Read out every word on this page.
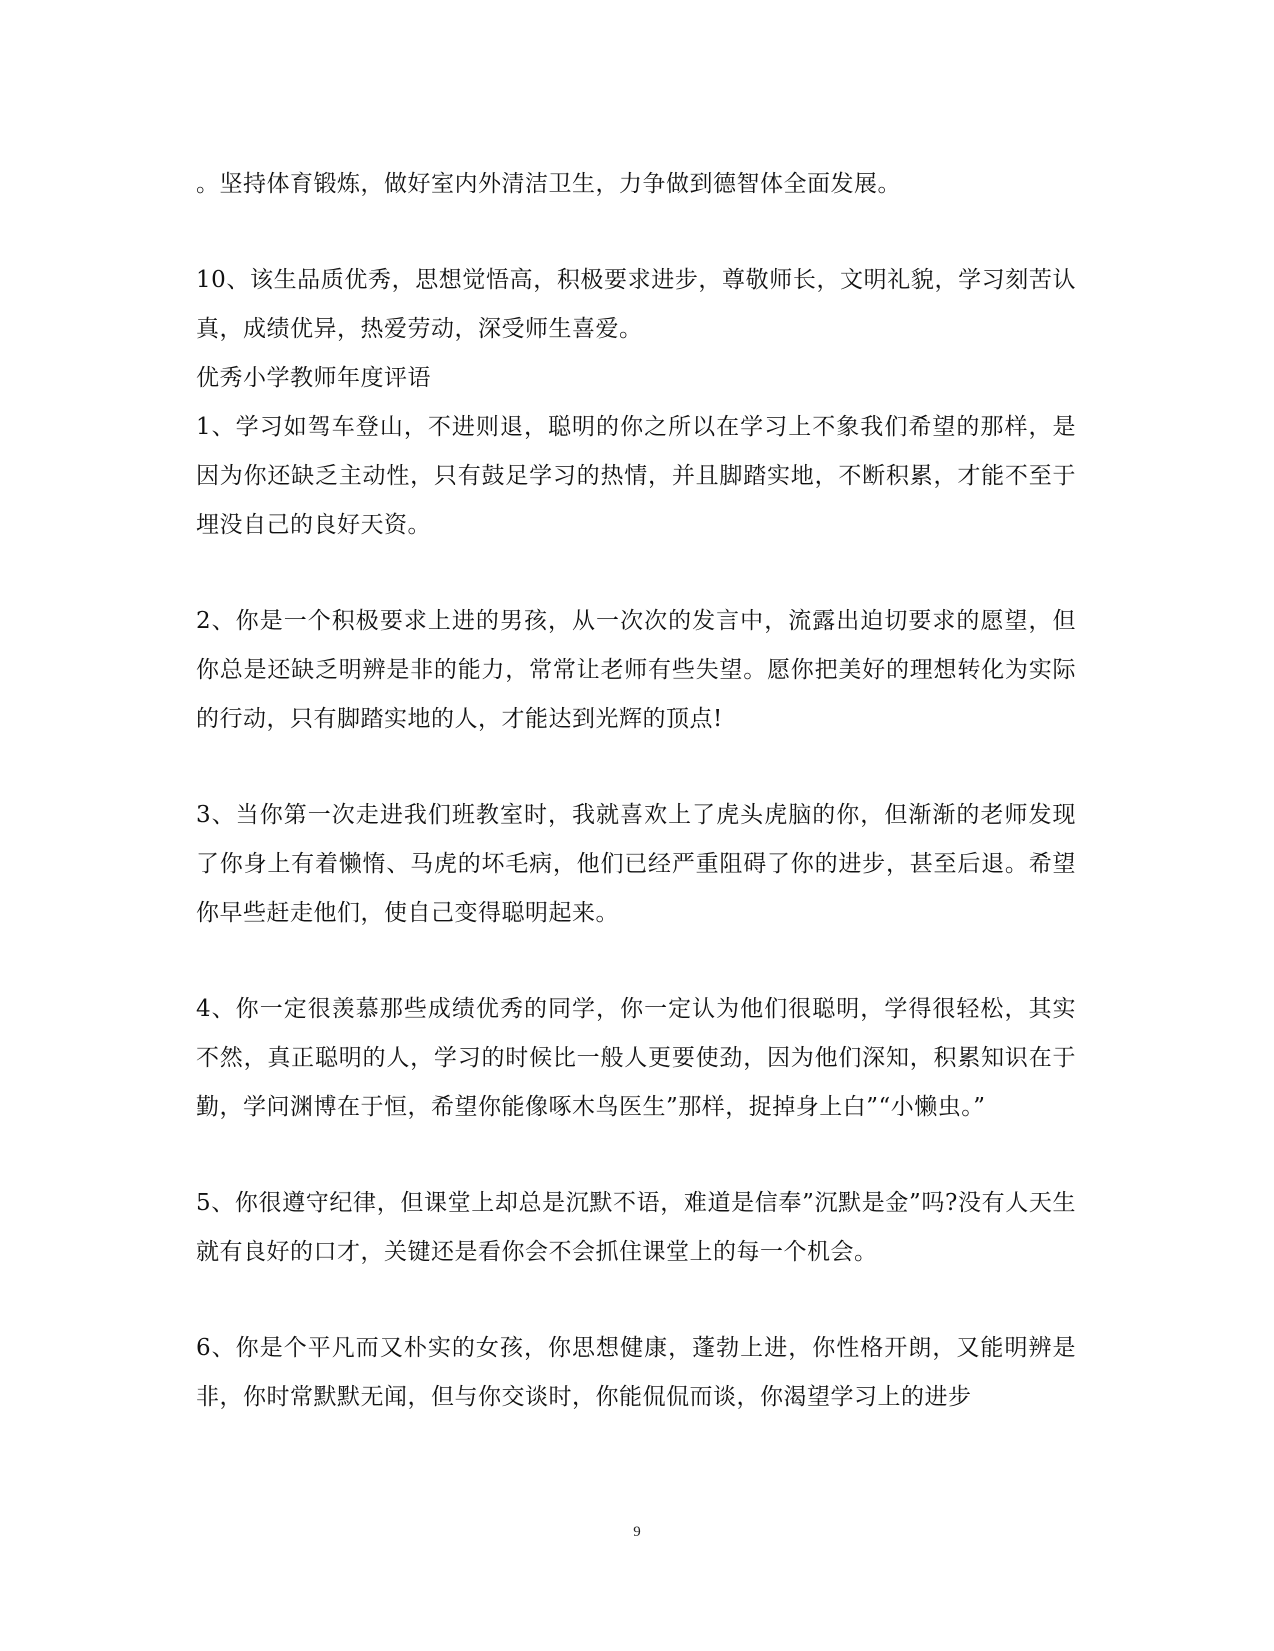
。坚持体育锻炼，做好室内外清洁卫生，力争做到德智体全面发展。

10、该生品质优秀，思想觉悟高，积极要求进步，尊敬师长，文明礼貌，学习刻苦认真，成绩优异，热爱劳动，深受师生喜爱。

优秀小学教师年度评语

1、学习如驾车登山，不进则退，聪明的你之所以在学习上不象我们希望的那样，是因为你还缺乏主动性，只有鼓足学习的热情，并且脚踏实地，不断积累，才能不至于埋没自己的良好天资。

2、你是一个积极要求上进的男孩，从一次次的发言中，流露出迫切要求的愿望，但你总是还缺乏明辨是非的能力，常常让老师有些失望。愿你把美好的理想转化为实际的行动，只有脚踏实地的人，才能达到光辉的顶点!

3、当你第一次走进我们班教室时，我就喜欢上了虎头虎脑的你，但渐渐的老师发现了你身上有着懒惰、马虎的坏毛病，他们已经严重阻碍了你的进步，甚至后退。希望你早些赶走他们，使自己变得聪明起来。

4、你一定很羡慕那些成绩优秀的同学，你一定认为他们很聪明，学得很轻松，其实不然，真正聪明的人，学习的时候比一般人更要使劲，因为他们深知，积累知识在于勤，学问渊博在于恒，希望你能像啄木鸟医生”那样，捉掉身上白”“小懒虫。”

5、你很遵守纪律，但课堂上却总是沉默不语，难道是信奉”沉默是金”吗?没有人天生就有良好的口才，关键还是看你会不会抓住课堂上的每一个机会。

6、你是个平凡而又朴实的女孩，你思想健康，蓬勃上进，你性格开朗，又能明辨是非，你时常默默无闻，但与你交谈时，你能侃侃而谈，你渴望学习上的进步

9
